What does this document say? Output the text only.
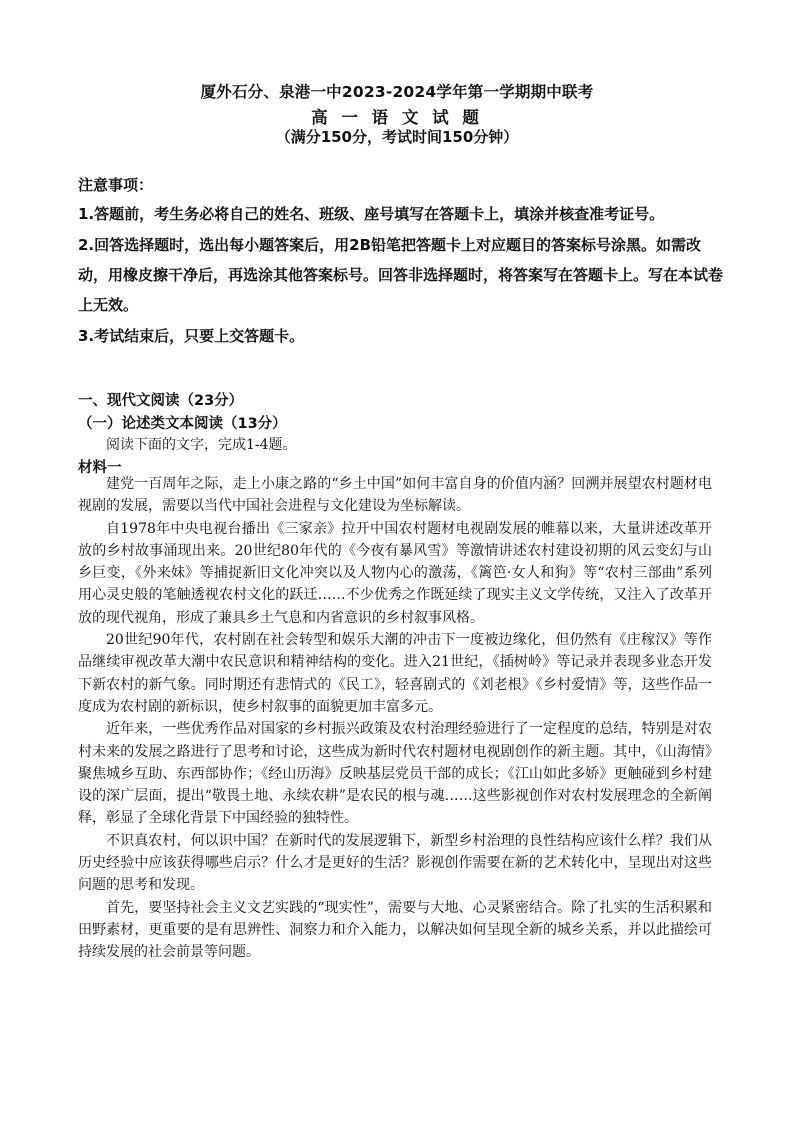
厦外石分、泉港一中2023-2024学年第一学期期中联考
高 一 语 文 试 题
（满分150分，考试时间150分钟）
注意事项：
1.答题前，考生务必将自己的姓名、班级、座号填写在答题卡上，填涂并核查准考证号。
2.回答选择题时，选出每小题答案后，用2B铅笔把答题卡上对应题目的答案标号涂黑。如需改动，用橡皮擦干净后，再选涂其他答案标号。回答非选择题时，将答案写在答题卡上。写在本试卷上无效。
3.考试结束后，只要上交答题卡。
一、现代文阅读（23分）
（一）论述类文本阅读（13分）
阅读下面的文字，完成1-4题。
材料一

建党一百周年之际，走上小康之路的“乡土中国”如何丰富自身的价值内涵？回溯并展望农村题材电视剧的发展，需要以当代中国社会进程与文化建设为坐标解读。

自1978年中央电视台播出《三家亲》拉开中国农村题材电视剧发展的帷幕以来，大量讲述改革开放的乡村故事涌现出来。20世纪80年代的《今夜有暴风雪》等激情讲述农村建设初期的风云变幻与山乡巨变，《外来妹》等捕捉新旧文化冲突以及人物内心的激荡，《篱笆·女人和狗》等“农村三部曲”系列用心灵史般的笔触透视农村文化的跃迁……不少优秀之作既延续了现实主义文学传统，又注入了改革开放的现代视角，形成了兼具乡土气息和内省意识的乡村叙事风格。

20世纪90年代，农村剧在社会转型和娱乐大潮的冲击下一度被边缘化，但仍然有《庄稼汉》等作品继续审视改革大潮中农民意识和精神结构的变化。进入21世纪，《插树岭》等记录并表现多业态开发下新农村的新气象。同时期还有悲情式的《民工》，轻喜剧式的《刘老根》《乡村爱情》等，这些作品一度成为农村剧的新标识，使乡村叙事的面貌更加丰富多元。

近年来，一些优秀作品对国家的乡村振兴政策及农村治理经验进行了一定程度的总结，特别是对农村未来的发展之路进行了思考和讨论，这些成为新时代农村题材电视剧创作的新主题。其中，《山海情》聚焦城乡互助、东西部协作；《经山历海》反映基层党员干部的成长；《江山如此多娇》更触碰到乡村建设的深广层面，提出“敬畏土地、永续农耕”是农民的根与魂……这些影视创作对农村发展理念的全新阐释，彰显了全球化背景下中国经验的独特性。

不识真农村，何以识中国？在新时代的发展逻辑下，新型乡村治理的良性结构应该什么样？我们从历史经验中应该获得哪些启示？什么才是更好的生活？影视创作需要在新的艺术转化中，呈现出对这些问题的思考和发现。

首先，要坚持社会主义文艺实践的“现实性”，需要与大地、心灵紧密结合。除了扎实的生活积累和田野素材，更重要的是有思辨性、洞察力和介入能力，以解决如何呈现全新的城乡关系，并以此描绘可持续发展的社会前景等问题。
